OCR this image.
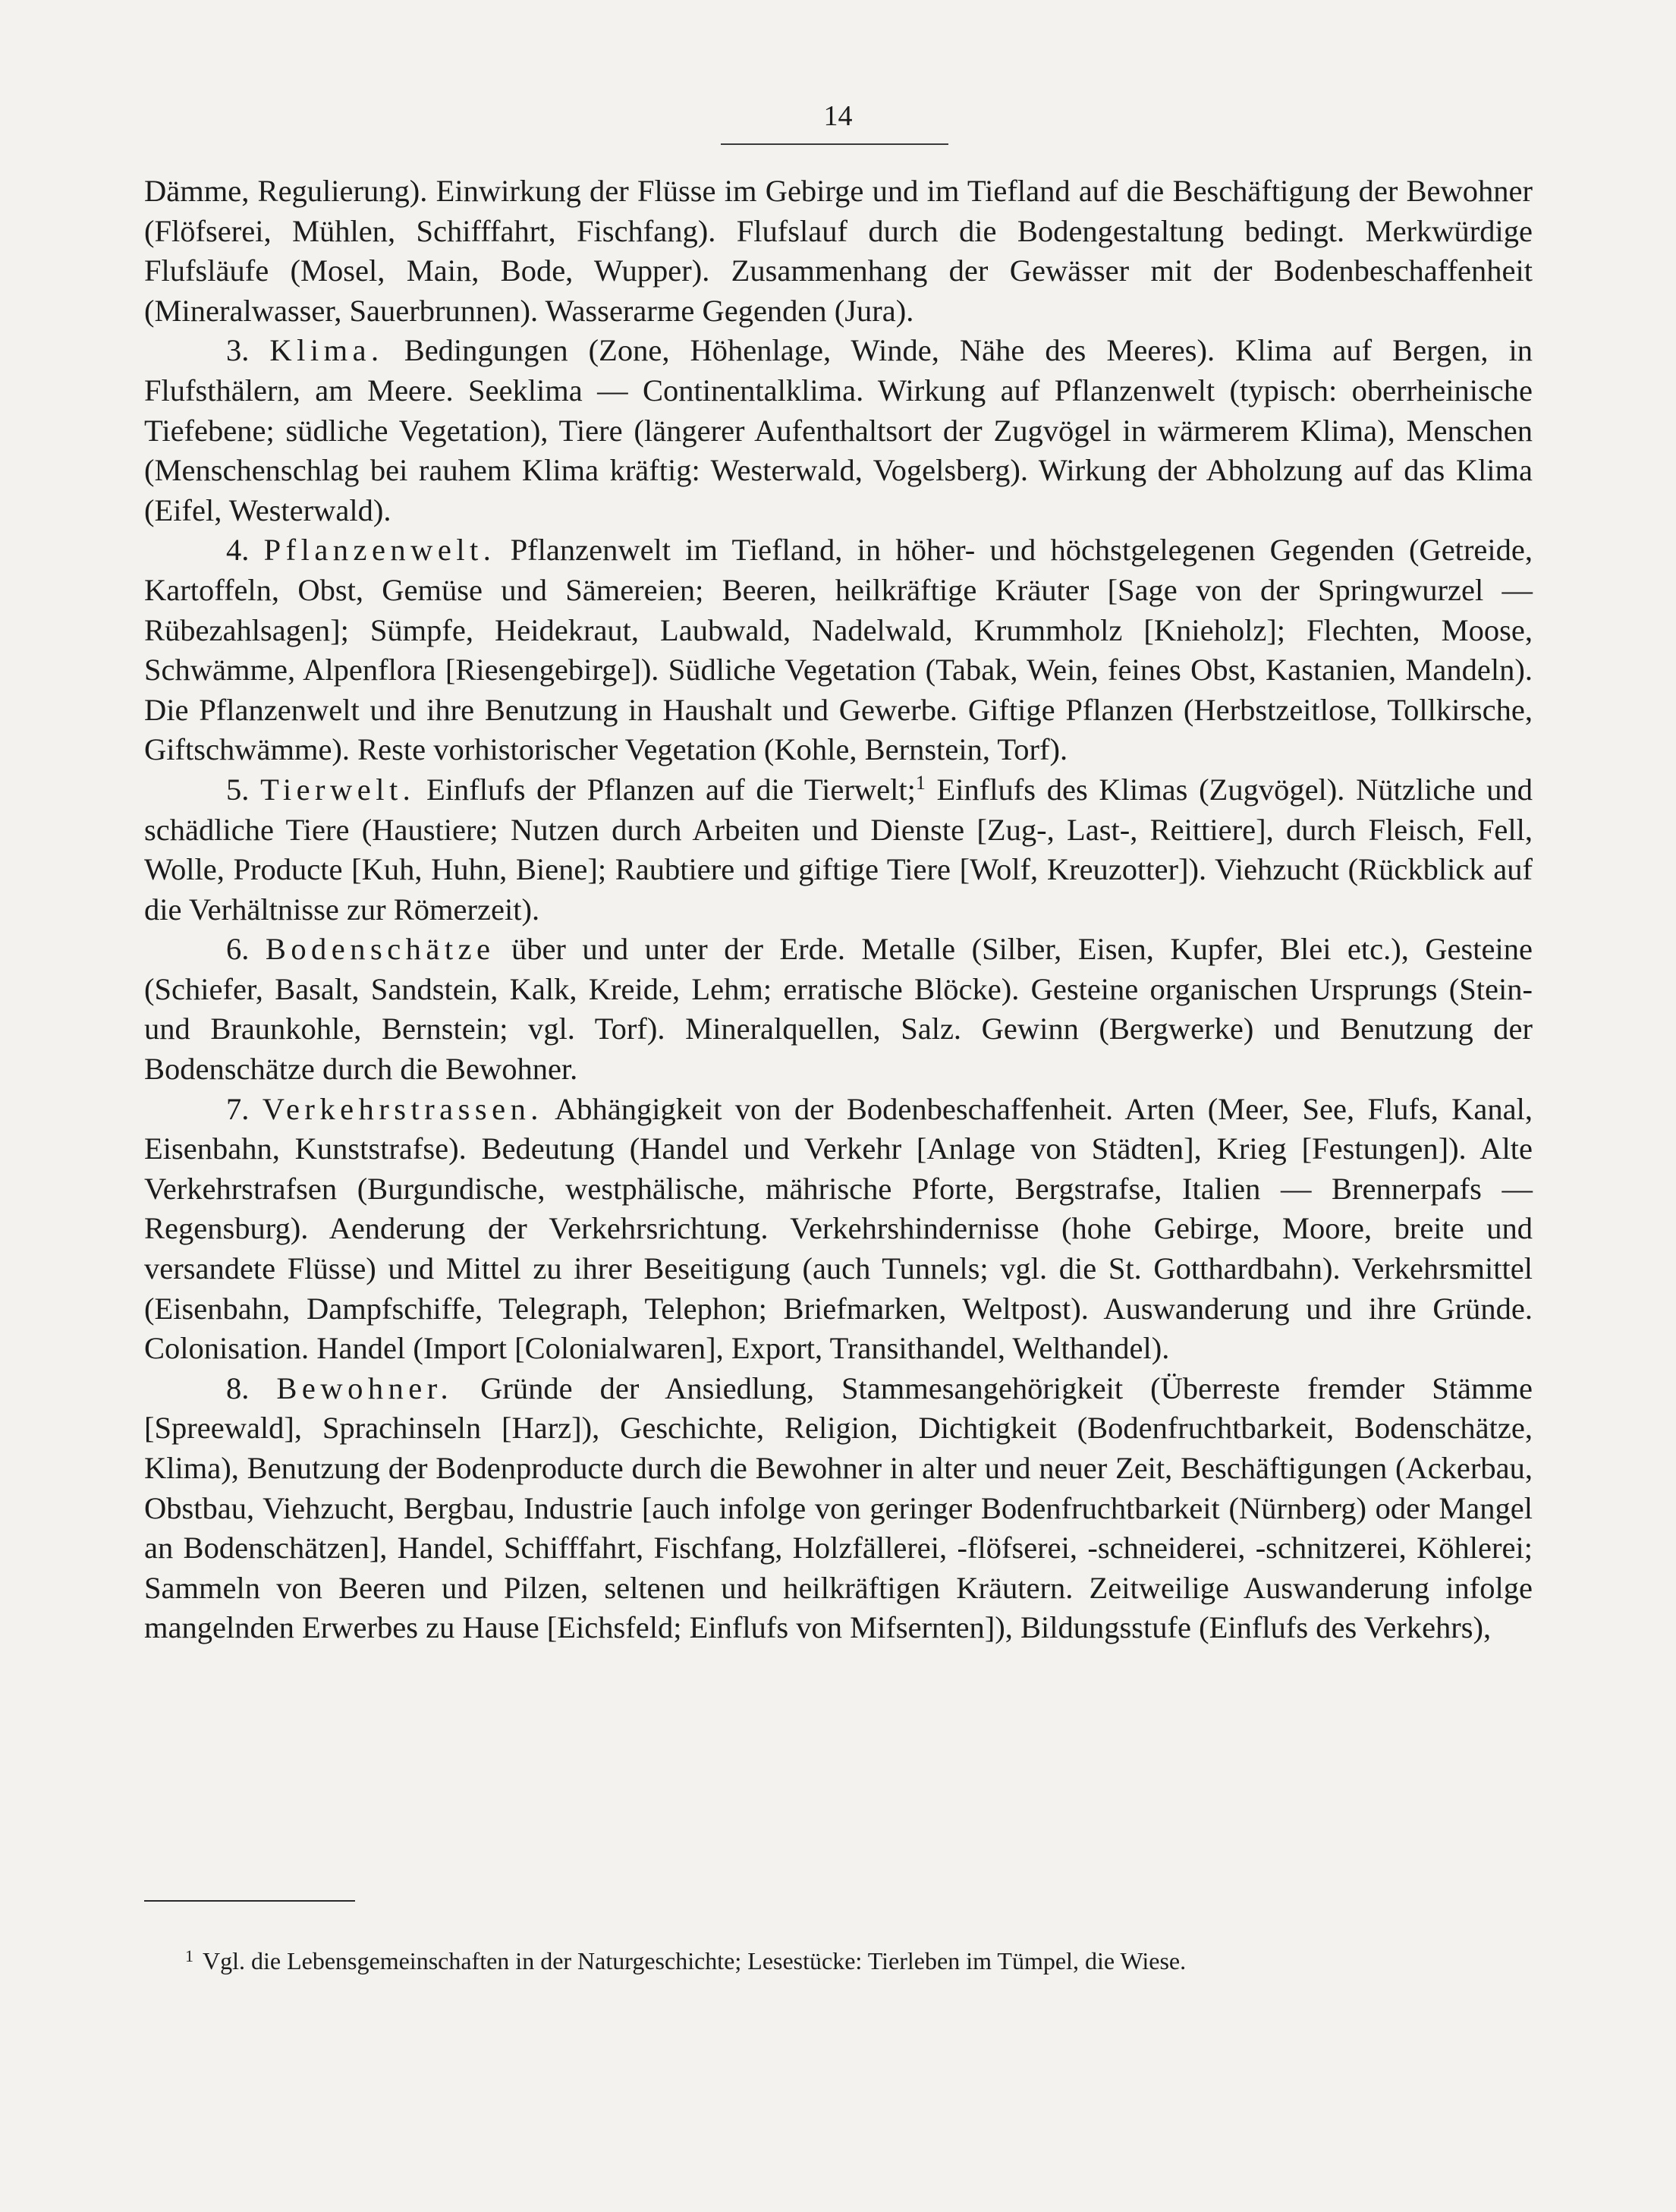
14

Dämme, Regulierung). Einwirkung der Flüsse im Gebirge und im Tiefland auf die Beschäftigung der Bewohner (Flöfserei, Mühlen, Schifffahrt, Fischfang). Flufslauf durch die Bodengestaltung bedingt. Merkwürdige Flufsläufe (Mosel, Main, Bode, Wupper). Zusammenhang der Gewässer mit der Bodenbeschaffenheit (Mineralwasser, Sauerbrunnen). Wasserarme Gegenden (Jura).

3. Klima. Bedingungen (Zone, Höhenlage, Winde, Nähe des Meeres). Klima auf Bergen, in Flufsthälern, am Meere. Seeklima — Continentalklima. Wirkung auf Pflanzenwelt (typisch: oberrheinische Tiefebene; südliche Vegetation), Tiere (längerer Aufenthaltsort der Zugvögel in wärmerem Klima), Menschen (Menschenschlag bei rauhem Klima kräftig: Westerwald, Vogelsberg). Wirkung der Abholzung auf das Klima (Eifel, Westerwald).

4. Pflanzenwelt. Pflanzenwelt im Tiefland, in höher- und höchstgelegenen Gegenden (Getreide, Kartoffeln, Obst, Gemüse und Sämereien; Beeren, heilkräftige Kräuter [Sage von der Springwurzel — Rübezahlsagen]; Sümpfe, Heidekraut, Laubwald, Nadelwald, Krummholz [Knieholz]; Flechten, Moose, Schwämme, Alpenflora [Riesengebirge]). Südliche Vegetation (Tabak, Wein, feines Obst, Kastanien, Mandeln). Die Pflanzenwelt und ihre Benutzung in Haushalt und Gewerbe. Giftige Pflanzen (Herbstzeitlose, Tollkirsche, Giftschwämme). Reste vorhistorischer Vegetation (Kohle, Bernstein, Torf).

5. Tierwelt. Einflufs der Pflanzen auf die Tierwelt;$^1$ Einflufs des Klimas (Zugvögel). Nützliche und schädliche Tiere (Haustiere; Nutzen durch Arbeiten und Dienste [Zug-, Last-, Reittiere], durch Fleisch, Fell, Wolle, Producte [Kuh, Huhn, Biene]; Raubtiere und giftige Tiere [Wolf, Kreuzotter]). Viehzucht (Rückblick auf die Verhältnisse zur Römerzeit).

6. Bodenschätze über und unter der Erde. Metalle (Silber, Eisen, Kupfer, Blei etc.), Gesteine (Schiefer, Basalt, Sandstein, Kalk, Kreide, Lehm; erratische Blöcke). Gesteine organischen Ursprungs (Stein- und Braunkohle, Bernstein; vgl. Torf). Mineralquellen, Salz. Gewinn (Bergwerke) und Benutzung der Bodenschätze durch die Bewohner.

7. Verkehrstrassen. Abhängigkeit von der Bodenbeschaffenheit. Arten (Meer, See, Flufs, Kanal, Eisenbahn, Kunststrafse). Bedeutung (Handel und Verkehr [Anlage von Städten], Krieg [Festungen]). Alte Verkehrstrafsen (Burgundische, westphälische, mährische Pforte, Bergstrafse, Italien — Brennerpafs — Regensburg). Aenderung der Verkehrsrichtung. Verkehrshindernisse (hohe Gebirge, Moore, breite und versandete Flüsse) und Mittel zu ihrer Beseitigung (auch Tunnels; vgl. die St. Gotthardbahn). Verkehrsmittel (Eisenbahn, Dampfschiffe, Telegraph, Telephon; Briefmarken, Weltpost). Auswanderung und ihre Gründe. Colonisation. Handel (Import [Colonialwaren], Export, Transithandel, Welthandel).

8. Bewohner. Gründe der Ansiedlung, Stammesangehörigkeit (Überreste fremder Stämme [Spreewald], Sprachinseln [Harz]), Geschichte, Religion, Dichtigkeit (Bodenfruchtbarkeit, Bodenschätze, Klima), Benutzung der Bodenproducte durch die Bewohner in alter und neuer Zeit, Beschäftigungen (Ackerbau, Obstbau, Viehzucht, Bergbau, Industrie [auch infolge von geringer Bodenfruchtbarkeit (Nürnberg) oder Mangel an Bodenschätzen], Handel, Schifffahrt, Fischfang, Holzfällerei, -flöfserei, -schneiderei, -schnitzerei, Köhlerei; Sammeln von Beeren und Pilzen, seltenen und heilkräftigen Kräutern. Zeitweilige Auswanderung infolge mangelnden Erwerbes zu Hause [Eichsfeld; Einflufs von Mifsernten]), Bildungsstufe (Einflufs des Verkehrs),

$^1$ Vgl. die Lebensgemeinschaften in der Naturgeschichte; Lesestücke: Tierleben im Tümpel, die Wiese.
